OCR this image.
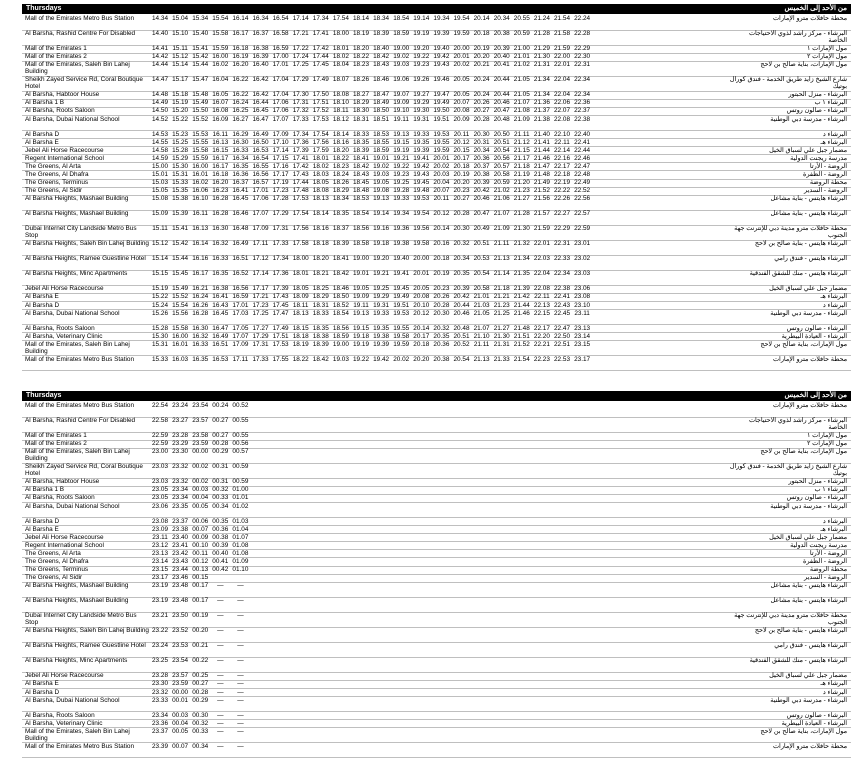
Thursdays	من الأحد إلى الخميس
Mall of the Emirates Metro Bus Station	14.34 15.04 15.34 15.54 16.14 16.34 16.54 17.14 17.34 17.54 18.14 18.34 18.54 19.14 19.34 19.54 20.14 20.34 20.55 21.24 21.54 22.24	محطة حافلات مترو الإمارات
Al Barsha, Rashid Centre For Disabled	14.40 15.10 15.40 15.58 16.17 16.37 16.58 17.21 17.41 18.00 18.19 18.39 18.59 19.19 19.39 19.59 20.18 20.38 20.59 21.28 21.58 22.28	البرشاء - مركز راشد لذوي الاحتياجات الخاصة
Mall of the Emirates 1	14.41 15.11 15.41 15.59 16.18 16.38 16.59 17.22 17.42 18.01 18.20 18.40 19.00 19.20 19.40 20.00 20.19 20.39 21.00 21.29 21.59 22.29	مول الإمارات ١
Mall of the Emirates 2	14.42 15.12 15.42 16.00 16.19 16.39 17.00 17.24 17.44 18.02 18.22 18.42 19.02 19.22 19.42 20.01 20.20 20.40 21.01 21.30 22.00 22.30	مول الإمارات ٢
Mall of the Emirates, Saleh Bin Lahej Building
14.44 15.14 15.44 16.02 16.20 16.40 17.01 17.25 17.45 18.04 18.23 18.43 19.03 19.23 19.43 20.02 20.21 20.41 21.02 21.31 22.01 22.31	مول الإمارات، بناية صالح بن لاحج
Sheikh Zayed Service Rd, Coral Boutique Hotel
14.47 15.17 15.47 16.04 16.22 16.42 17.04 17.29 17.49 18.07 18.26 18.46 19.06 19.26 19.46 20.05 20.24 20.44 21.05 21.34 22.04 22.34	شارع الشيخ زايد طريق الخدمة - فندق كورال بوتيك
Al Barsha, Habtoor House	14.48 15.18 15.48 16.05 16.22 16.42 17.04 17.30 17.50 18.08 18.27 18.47 19.07 19.27 19.47 20.05 20.24 20.44 21.05 21.34 22.04 22.34	البرشاء - منزل الحبتور
Al Barsha 1 B	14.49 15.19 15.49 16.07 16.24 16.44 17.06 17.31 17.51 18.10 18.29 18.49 19.09 19.29 19.49 20.07 20.26 20.46 21.07 21.36 22.06 22.36	البرشاء ١ ب
Al Barsha, Roots Saloon	14.50 15.20 15.50 16.08 16.25 16.45 17.06 17.32 17.52 18.11 18.30 18.50 19.10 19.30 19.50 20.08 20.27 20.47 21.08 21.37 22.07 22.37	البرشاء - صالون روتس
Al Barsha, Dubai National School	14.52 15.22 15.52 16.09 16.27 16.47 17.07 17.33 17.53 18.12 18.31 18.51 19.11 19.31 19.51 20.09 20.28 20.48 21.09 21.38 22.08 22.38	البرشاء - مدرسة دبي الوطنية
Al Barsha D	14.53 15.23 15.53 16.11 16.29 16.49 17.09 17.34 17.54 18.14 18.33 18.53 19.13 19.33 19.53 20.11 20.30 20.50 21.11 21.40 22.10 22.40	البرشاء د
Al Barsha E	14.55 15.25 15.55 16.13 16.30 16.50 17.10 17.36 17.56 18.16 18.35 18.55 19.15 19.35 19.55 20.12 20.31 20.51 21.12 21.41 22.11 22.41	البرشاء هـ
Jebel Ali Horse Racecourse	14.58 15.28 15.58 16.15 16.33 16.53 17.14 17.39 17.59 18.20 18.39 18.59 19.19 19.39 19.59 20.15 20.34 20.54 21.15 21.44 22.14 22.44	مضمار جبل علي لسباق الخيل
Regent International School	14.59 15.29 15.59 16.17 16.34 16.54 17.15 17.41 18.01 18.22 18.41 19.01 19.21 19.41 20.01 20.17 20.36 20.56 21.17 21.46 22.16 22.46	مدرسة ريجنت الدولية
The Greens, Al Arta	15.00 15.30 16.00 16.17 16.35 16.55 17.16 17.42 18.02 18.23 18.42 19.02 19.22 19.42 20.02 20.18 20.37 20.57 21.18 21.47 22.17 22.47	الروضة - الأرتا
The Greens, Al Dhafra	15.01 15.31 16.01 16.18 16.36 16.56 17.17 17.43 18.03 18.24 18.43 19.03 19.23 19.43 20.03 20.19 20.38 20.58 21.19 21.48 22.18 22.48	الروضة - الظفرة
The Greens, Terminus	15.03 15.33 16.02 16.20 16.37 16.57 17.19 17.44 18.05 18.26 18.45 19.05 19.25 19.45 20.04 20.20 20.39 20.59 21.20 21.49 22.19 22.49	محطة الروضة
The Greens, Al Sidir	15.05 15.35 16.06 16.23 16.41 17.01 17.23 17.48 18.08 18.29 18.48 19.08 19.28 19.48 20.07 20.23 20.42 21.02 21.23 21.52 22.22 22.52	الروضة - السدير
Al Barsha Heights, Mashael Building	15.08 15.38 16.10 16.28 16.45 17.06 17.28 17.53 18.13 18.34 18.53 19.13 19.33 19.53 20.11 20.27 20.46 21.06 21.27 21.56 22.26 22.56	البرشاء هايتس - بناية مشاعل
Al Barsha Heights, Mashael Building	15.09 15.39 16.11 16.28 16.46 17.07 17.29 17.54 18.14 18.35 18.54 19.14 19.34 19.54 20.12 20.28 20.47 21.07 21.28 21.57 22.27 22.57	البرشاء هايتس - بناية مشاعل
Dubai Internet City Landside Metro Bus Stop
15.11 15.41 16.13 16.30 16.48 17.09 17.31 17.56 18.16 18.37 18.56 19.16 19.36 19.56 20.14 20.30 20.49 21.09 21.30 21.59 22.29 22.59	محطة حافلات مترو مدينة دبي للإنترنت جهة الجنوب
Al Barsha Heights, Saleh Bin Lahej Building 15.12 15.42 16.14 16.32 16.49 17.11 17.33 17.58 18.18 18.39 18.58 19.18 19.38 19.58 20.16 20.32 20.51 21.11 21.32 22.01 22.31 23.01	البرشاء هايتس - بناية صالح بن لاحج
Al Barsha Heights, Ramee Guestline Hotel 15.14 15.44 16.16 16.33 16.51 17.12 17.34 18.00 18.20 18.41 19.00 19.20 19.40 20.00 20.18 20.34 20.53 21.13 21.34 22.03 22.33 23.02	البرشاء هايتس - فندق رامي
Al Barsha Heights, Minc Apartments	15.15 15.45 16.17 16.35 16.52 17.14 17.36 18.01 18.21 18.42 19.01 19.21 19.41 20.01 20.19 20.35 20.54 21.14 21.35 22.04 22.34 23.03	البرشاء هايتس - منك للشقق الفندقية
Jebel Ali Horse Racecourse	15.19 15.49 16.21 16.38 16.56 17.17 17.39 18.05 18.25 18.46 19.05 19.25 19.45 20.05 20.23 20.39 20.58 21.18 21.39 22.08 22.38 23.06	مضمار جبل علي لسباق الخيل
Al Barsha E	15.22 15.52 16.24 16.41 16.59 17.21 17.43 18.09 18.29 18.50 19.09 19.29 19.49 20.08 20.26 20.42 21.01 21.21 21.42 22.11 22.41 23.08	البرشاء هـ
Al Barsha D	15.24 15.54 16.26 16.43 17.01 17.23 17.45 18.11 18.31 18.52 19.11 19.31 19.51 20.10 20.28 20.44 21.03 21.23 21.44 22.13 22.43 23.10	البرشاء د
Al Barsha, Dubai National School	15.26 15.56 16.28 16.45 17.03 17.25 17.47 18.13 18.33 18.54 19.13 19.33 19.53 20.12 20.30 20.46 21.05 21.25 21.46 22.15 22.45 23.11	البرشاء - مدرسة دبي الوطنية
Al Barsha, Roots Saloon	15.28 15.58 16.30 16.47 17.05 17.27 17.49 18.15 18.35 18.56 19.15 19.35 19.55 20.14 20.32 20.48 21.07 21.27 21.48 22.17 22.47 23.13	البرشاء - صالون روتس
Al Barsha, Veterinary Clinic	15.30 16.00 16.32 16.49 17.07 17.29 17.51 18.18 18.38 18.59 19.18 19.38 19.58 20.17 20.35 20.51 21.10 21.30 21.51 22.20 22.50 23.14	البرشاء - العيادة البيطرية
Mall of the Emirates, Saleh Bin Lahej Building
15.31 16.01 16.33 16.51 17.09 17.31 17.53 18.19 18.39 19.00 19.19 19.39 19.59 20.18 20.36 20.52 21.11 21.31 21.52 22.21 22.51 23.15	مول الإمارات، بناية صالح بن لاحج
Mall of the Emirates Metro Bus Station	15.33 16.03 16.35 16.53 17.11 17.33 17.55 18.22 18.42 19.03 19.22 19.42 20.02 20.20 20.38 20.54 21.13 21.33 21.54 22.23 22.53 23.17	محطة حافلات مترو الإمارات
Thursdays	من الأحد إلى الخميس
Mall of the Emirates Metro Bus Station	22.54 23.24 23.54 00.24 00.52	محطة حافلات مترو الإمارات
Al Barsha, Rashid Centre For Disabled	22.58 23.27 23.57 00.27 00.55	البرشاء - مركز راشد لذوي الاحتياجات الخاصة
Mall of the Emirates 1	22.59 23.28 23.58 00.27 00.55	مول الإمارات ١
Mall of the Emirates 2	22.59 23.29 23.59 00.28 00.56	مول الإمارات ٢
Mall of the Emirates, Saleh Bin Lahej Building
23.00 23.30 00.00 00.29 00.57	مول الإمارات، بناية صالح بن لاحج
Sheikh Zayed Service Rd, Coral Boutique Hotel
23.03 23.32 00.02 00.31 00.59	شارع الشيخ زايد طريق الخدمة - فندق كورال بوتيك
Al Barsha, Habtoor House	23.03 23.32 00.02 00.31 00.59	البرشاء - منزل الحبتور
Al Barsha 1 B	23.05 23.34 00.03 00.32 01.00	البرشاء ١ ب
Al Barsha, Roots Saloon	23.05 23.34 00.04 00.33 01.01	البرشاء - صالون روتس
Al Barsha, Dubai National School	23.06 23.35 00.05 00.34 01.02	البرشاء - مدرسة دبي الوطنية
Al Barsha D	23.08 23.37 00.06 00.35 01.03	البرشاء د
Al Barsha E	23.09 23.38 00.07 00.36 01.04	البرشاء هـ
Jebel Ali Horse Racecourse	23.11 23.40 00.09 00.38 01.07	مضمار جبل علي لسباق الخيل
Regent International School	23.12 23.41 00.10 00.39 01.08	مدرسة ريجنت الدولية
The Greens, Al Arta	23.13 23.42 00.11 00.40 01.08	الروضة - الأرتا
The Greens, Al Dhafra	23.14 23.43 00.12 00.41 01.09	الروضة - الظفرة
The Greens, Terminus	23.15 23.44 00.13 00.42 01.10	محطة الروضة
The Greens, Al Sidir	23.17 23.46 00.15	الروضة - السدير
Al Barsha Heights, Mashael Building	23.19 23.48 00.17	—	—	البرشاء هايتس - بناية مشاعل
Al Barsha Heights, Mashael Building	23.19 23.48 00.17	—	—	البرشاء هايتس - بناية مشاعل
Dubai Internet City Landside Metro Bus Stop
23.21 23.50 00.19	—	—	محطة حافلات مترو مدينة دبي للإنترنت جهة الجنوب
Al Barsha Heights, Saleh Bin Lahej Building 23.22 23.52 00.20	—	—	البرشاء هايتس - بناية صالح بن لاحج
Al Barsha Heights, Ramee Guestline Hotel 23.24 23.53 00.21	—	—	البرشاء هايتس - فندق رامي
Al Barsha Heights, Minc Apartments	23.25 23.54 00.22	—	—	البرشاء هايتس - منك للشقق الفندقية
Jebel Ali Horse Racecourse	23.28 23.57 00.25	—	—	مضمار جبل علي لسباق الخيل
Al Barsha E	23.30 23.59 00.27	—	—	البرشاء هـ
Al Barsha D	23.32 00.00 00.28	—	—	البرشاء د
Al Barsha, Dubai National School	23.33 00.01 00.29	—	—	البرشاء - مدرسة دبي الوطنية
Al Barsha, Roots Saloon	23.34 00.03 00.30	—	—	البرشاء - صالون روتس
Al Barsha, Veterinary Clinic	23.36 00.04 00.32	—	—	البرشاء - العيادة البيطرية
Mall of the Emirates, Saleh Bin Lahej Building
23.37 00.05 00.33	—	—	مول الإمارات، بناية صالح بن لاحج
Mall of the Emirates Metro Bus Station	23.39 00.07 00.34	—	—	محطة حافلات مترو الإمارات
